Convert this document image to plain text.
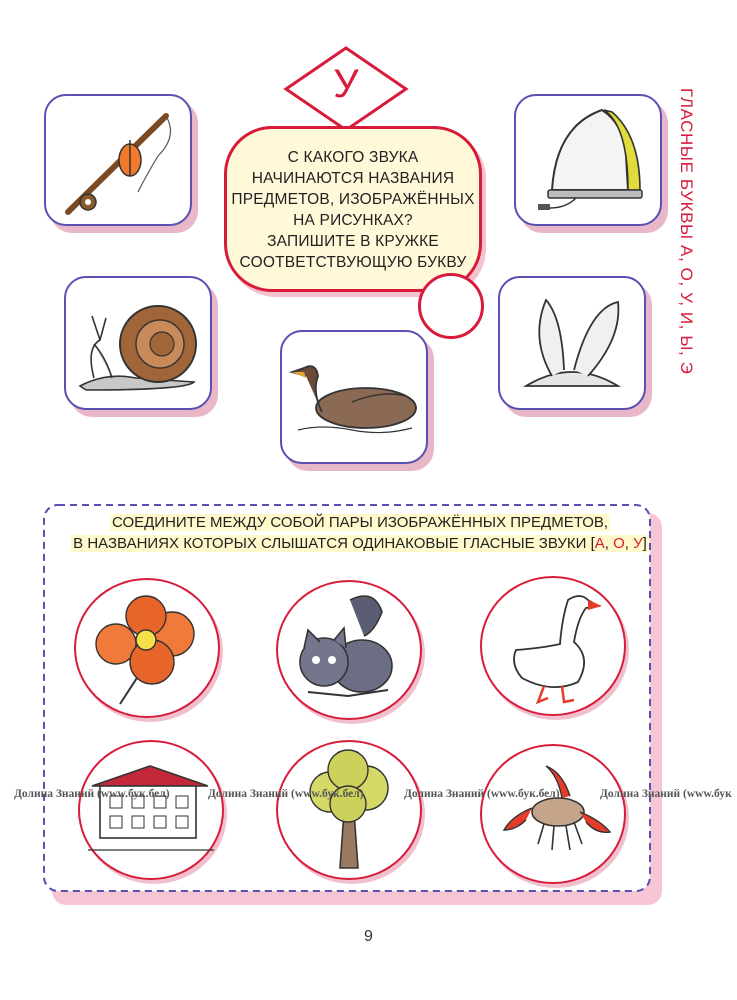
У
С КАКОГО ЗВУКА
НАЧИНАЮТСЯ НАЗВАНИЯ
ПРЕДМЕТОВ, ИЗОБРАЖЁННЫХ
НА РИСУНКАХ?
ЗАПИШИТЕ В КРУЖКЕ
СООТВЕТСТВУЮЩУЮ БУКВУ	ГЛАСНЫЕ БУКВЫ А, О, У, И, Ы, Э
СОЕДИНИТЕ МЕЖДУ СОБОЙ ПАРЫ ИЗОБРАЖЁННЫХ ПРЕДМЕТОВ,
В НАЗВАНИЯХ КОТОРЫХ СЛЫШАТСЯ ОДИНАКОВЫЕ ГЛАСНЫЕ ЗВУКИ [А, О, У]
Долина Знаний (www.бук.бел)	Долина Знаний (www.бук.бел)	Долина Знаний (www.бук.бел)	Долина Знаний (www.бук
9
